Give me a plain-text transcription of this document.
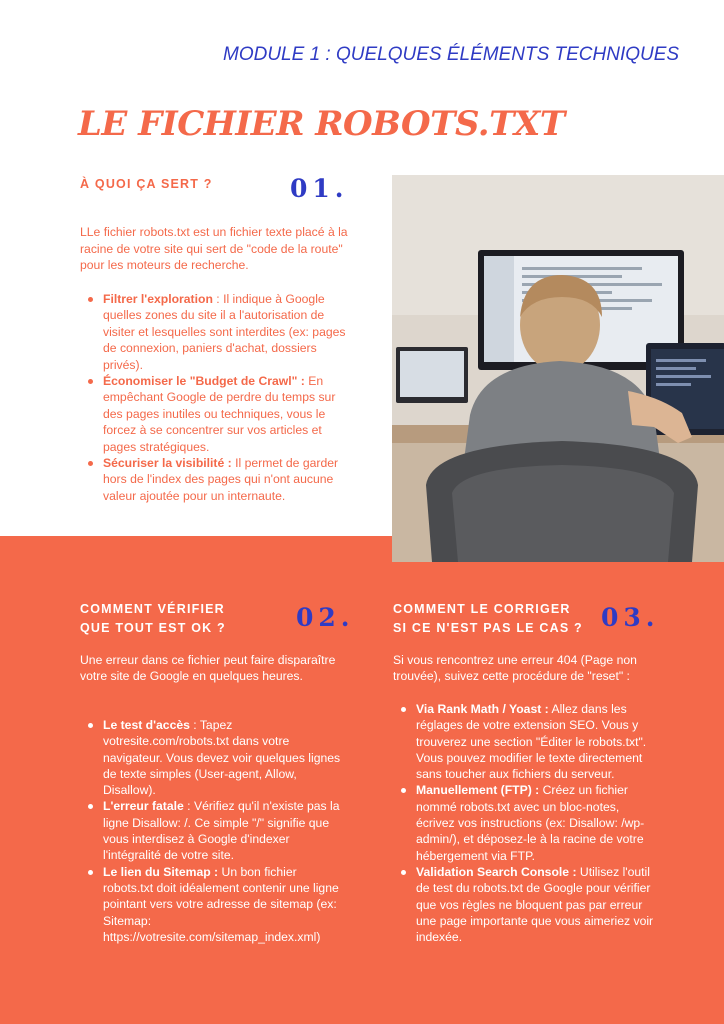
MODULE 1 : QUELQUES ÉLÉMENTS TECHNIQUES
LE FICHIER ROBOTS.TXT
À QUOI ÇA SERT ?	01.

LLe fichier robots.txt est un fichier texte placé à la racine de votre site qui sert de "code de la route" pour les moteurs de recherche.

Filtrer l'exploration : Il indique à Google quelles zones du site il a l'autorisation de visiter et lesquelles sont interdites (ex: pages de connexion, paniers d'achat, dossiers privés).
Économiser le "Budget de Crawl" : En empêchant Google de perdre du temps sur des pages inutiles ou techniques, vous le forcez à se concentrer sur vos articles et pages stratégiques.
Sécuriser la visibilité : Il permet de garder hors de l'index des pages qui n'ont aucune valeur ajoutée pour un internaute.
COMMENT VÉRIFIER
QUE TOUT EST OK ?	02.	COMMENT LE CORRIGER
SI CE N'EST PAS LE CAS ? 03.

Une erreur dans ce fichier peut faire disparaître votre site de Google en quelques heures.

Si vous rencontrez une erreur 404 (Page non trouvée), suivez cette procédure de "reset" :

Le test d'accès : Tapez votresite.com/robots.txt dans votre navigateur. Vous devez voir quelques lignes de texte simples (User-agent, Allow, Disallow).
L'erreur fatale : Vérifiez qu'il n'existe pas la ligne Disallow: /. Ce simple "/" signifie que vous interdisez à Google d'indexer l'intégralité de votre site.
Le lien du Sitemap : Un bon fichier robots.txt doit idéalement contenir une ligne pointant vers votre adresse de sitemap (ex: Sitemap: https://votresite.com/sitemap_index.xml)
Via Rank Math / Yoast : Allez dans les réglages de votre extension SEO. Vous y trouverez une section "Éditer le robots.txt". Vous pouvez modifier le texte directement sans toucher aux fichiers du serveur.
Manuellement (FTP) : Créez un fichier nommé robots.txt avec un bloc-notes, écrivez vos instructions (ex: Disallow: /wp-admin/), et déposez-le à la racine de votre hébergement via FTP.
Validation Search Console : Utilisez l'outil de test du robots.txt de Google pour vérifier que vos règles ne bloquent pas par erreur une page importante que vous aimeriez voir indexée.
